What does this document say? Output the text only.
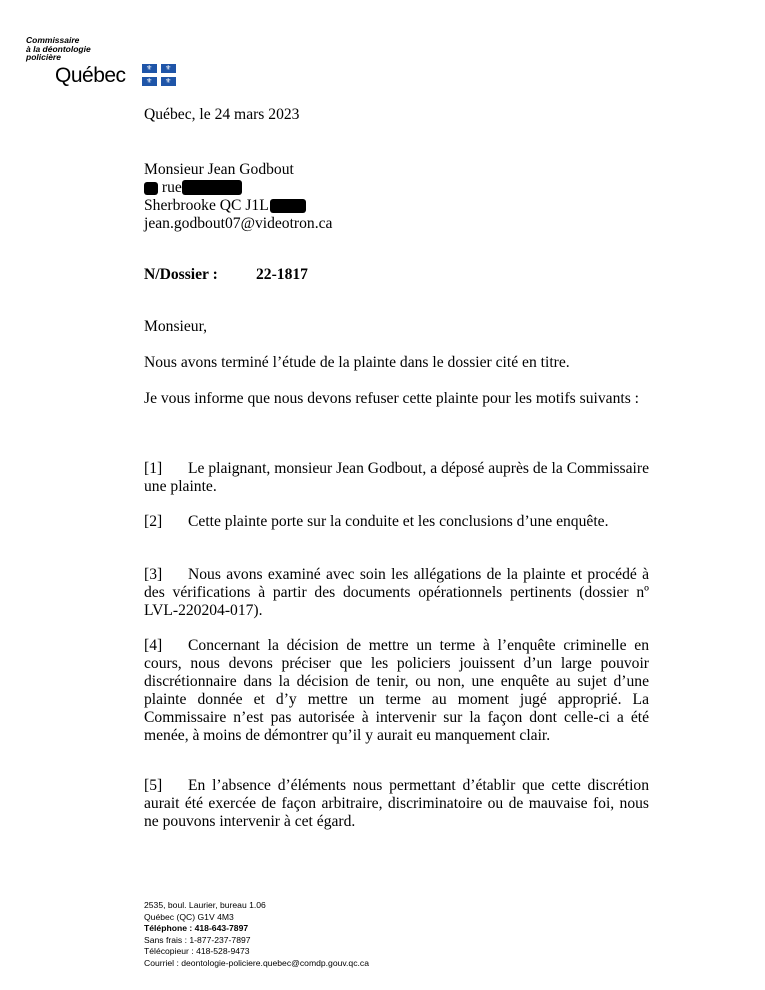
Commissaire
à la déontologie
policière
Québec	⚜ ⚜
⚜ ⚜

Québec, le 24 mars 2023

Monsieur Jean Godbout
rue
Sherbrooke QC J1L
jean.godbout07@videotron.ca
N/Dossier : 22-1817

Monsieur,

Nous avons terminé l’étude de la plainte dans le dossier cité en titre.

Je vous informe que nous devons refuser cette plainte pour les motifs suivants :

[1] Le plaignant, monsieur Jean Godbout, a déposé auprès de la Commissaire une plainte.

[2] Cette plainte porte sur la conduite et les conclusions d’une enquête.

[3] Nous avons examiné avec soin les allégations de la plainte et procédé à des vérifications à partir des documents opérationnels pertinents (dossier nº LVL-220204-017).

[4] Concernant la décision de mettre un terme à l’enquête criminelle en cours, nous devons préciser que les policiers jouissent d’un large pouvoir discrétionnaire dans la décision de tenir, ou non, une enquête au sujet d’une plainte donnée et d’y mettre un terme au moment jugé approprié. La Commissaire n’est pas autorisée à intervenir sur la façon dont celle-ci a été menée, à moins de démontrer qu’il y aurait eu manquement clair.

[5] En l’absence d’éléments nous permettant d’établir que cette discrétion aurait été exercée de façon arbitraire, discriminatoire ou de mauvaise foi, nous ne pouvons intervenir à cet égard.

2535, boul. Laurier, bureau 1.06
Québec (QC) G1V 4M3
Téléphone : 418-643-7897
Sans frais : 1-877-237-7897
Télécopieur : 418-528-9473
Courriel : deontologie-policiere.quebec@comdp.gouv.qc.ca
